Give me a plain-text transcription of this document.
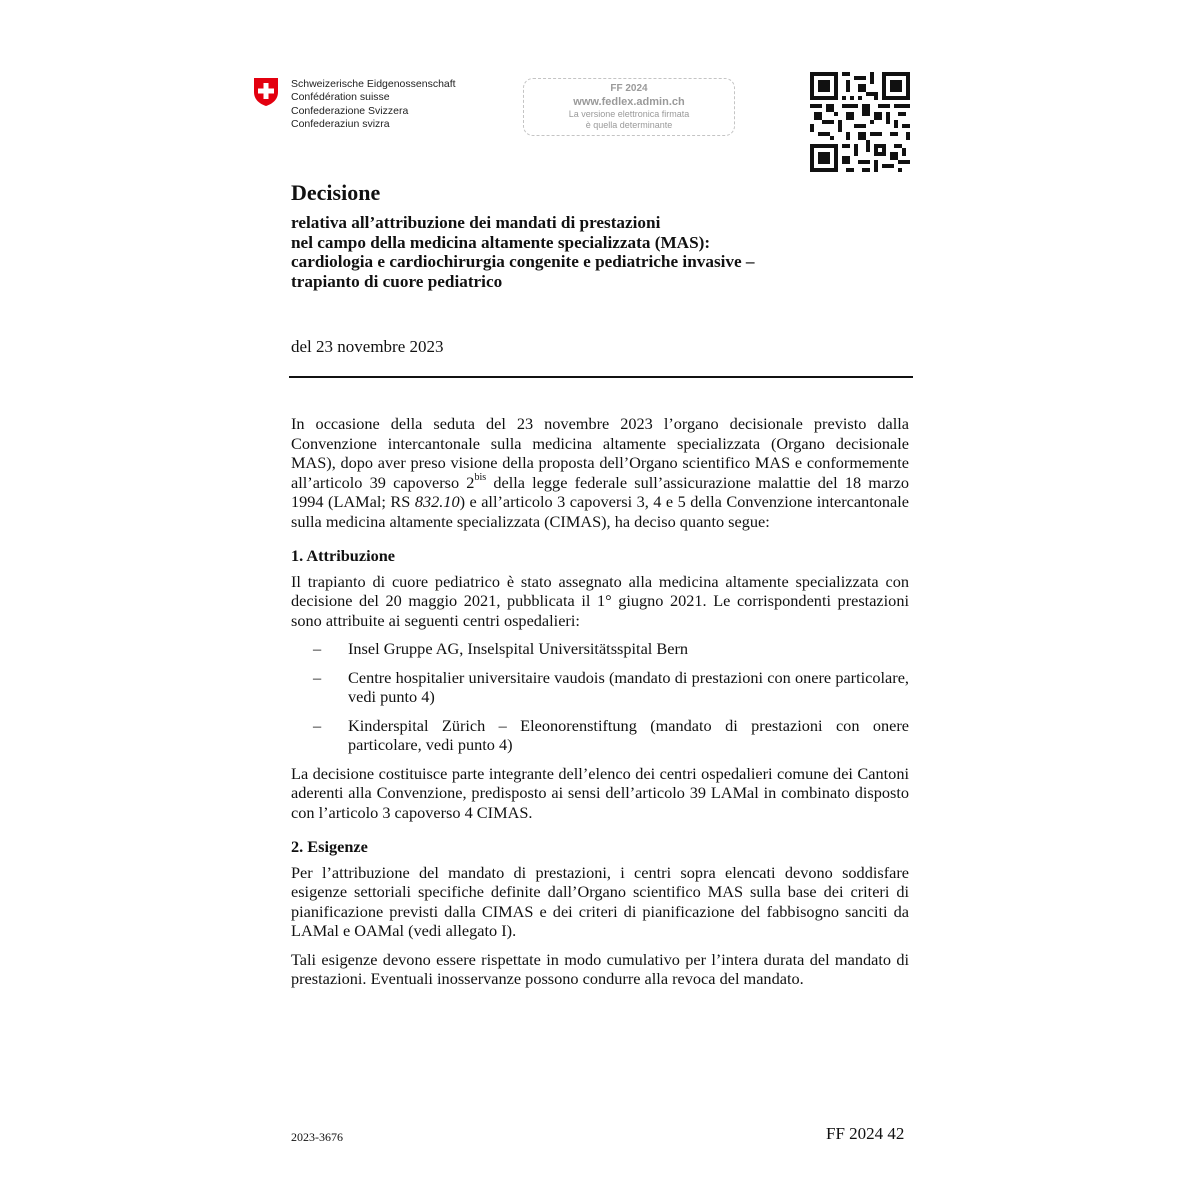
Schweizerische Eidgenossenschaft
Confédération suisse
Confederazione Svizzera
Confederaziun svizra
FF 2024
www.fedlex.admin.ch
La versione elettronica firmata
è quella determinante
Decisione
relativa all’attribuzione dei mandati di prestazioni
nel campo della medicina altamente specializzata (MAS):
cardiologia e cardiochirurgia congenite e pediatriche invasive –
trapianto di cuore pediatrico
del 23 novembre 2023

In occasione della seduta del 23 novembre 2023 l’organo decisionale previsto dalla Convenzione intercantonale sulla medicina altamente specializzata (Organo decisionale MAS), dopo aver preso visione della proposta dell’Organo scientifico MAS e conformemente all’articolo 39 capoverso $2^{bis}$ della legge federale sull’assicurazione malattie del 18 marzo 1994 (LAMal; RS 832.10) e all’articolo 3 capoversi 3, 4 e 5 della Convenzione intercantonale sulla medicina altamente specializzata (CIMAS), ha deciso quanto segue:

1. Attribuzione

Il trapianto di cuore pediatrico è stato assegnato alla medicina altamente specializzata con decisione del 20 maggio 2021, pubblicata il 1° giugno 2021. Le corrispondenti prestazioni sono attribuite ai seguenti centri ospedalieri:

– Insel Gruppe AG, Inselspital Universitätsspital Bern
– Centre hospitalier universitaire vaudois (mandato di prestazioni con onere particolare, vedi punto 4)
– Kinderspital Zürich – Eleonorenstiftung (mandato di prestazioni con onere particolare, vedi punto 4)

La decisione costituisce parte integrante dell’elenco dei centri ospedalieri comune dei Cantoni aderenti alla Convenzione, predisposto ai sensi dell’articolo 39 LAMal in combinato disposto con l’articolo 3 capoverso 4 CIMAS.

2. Esigenze

Per l’attribuzione del mandato di prestazioni, i centri sopra elencati devono soddisfare esigenze settoriali specifiche definite dall’Organo scientifico MAS sulla base dei criteri di pianificazione previsti dalla CIMAS e dei criteri di pianificazione del fabbisogno sanciti da LAMal e OAMal (vedi allegato I).

Tali esigenze devono essere rispettate in modo cumulativo per l’intera durata del mandato di prestazioni. Eventuali inosservanze possono condurre alla revoca del mandato.

2023-3676	FF 2024 42
